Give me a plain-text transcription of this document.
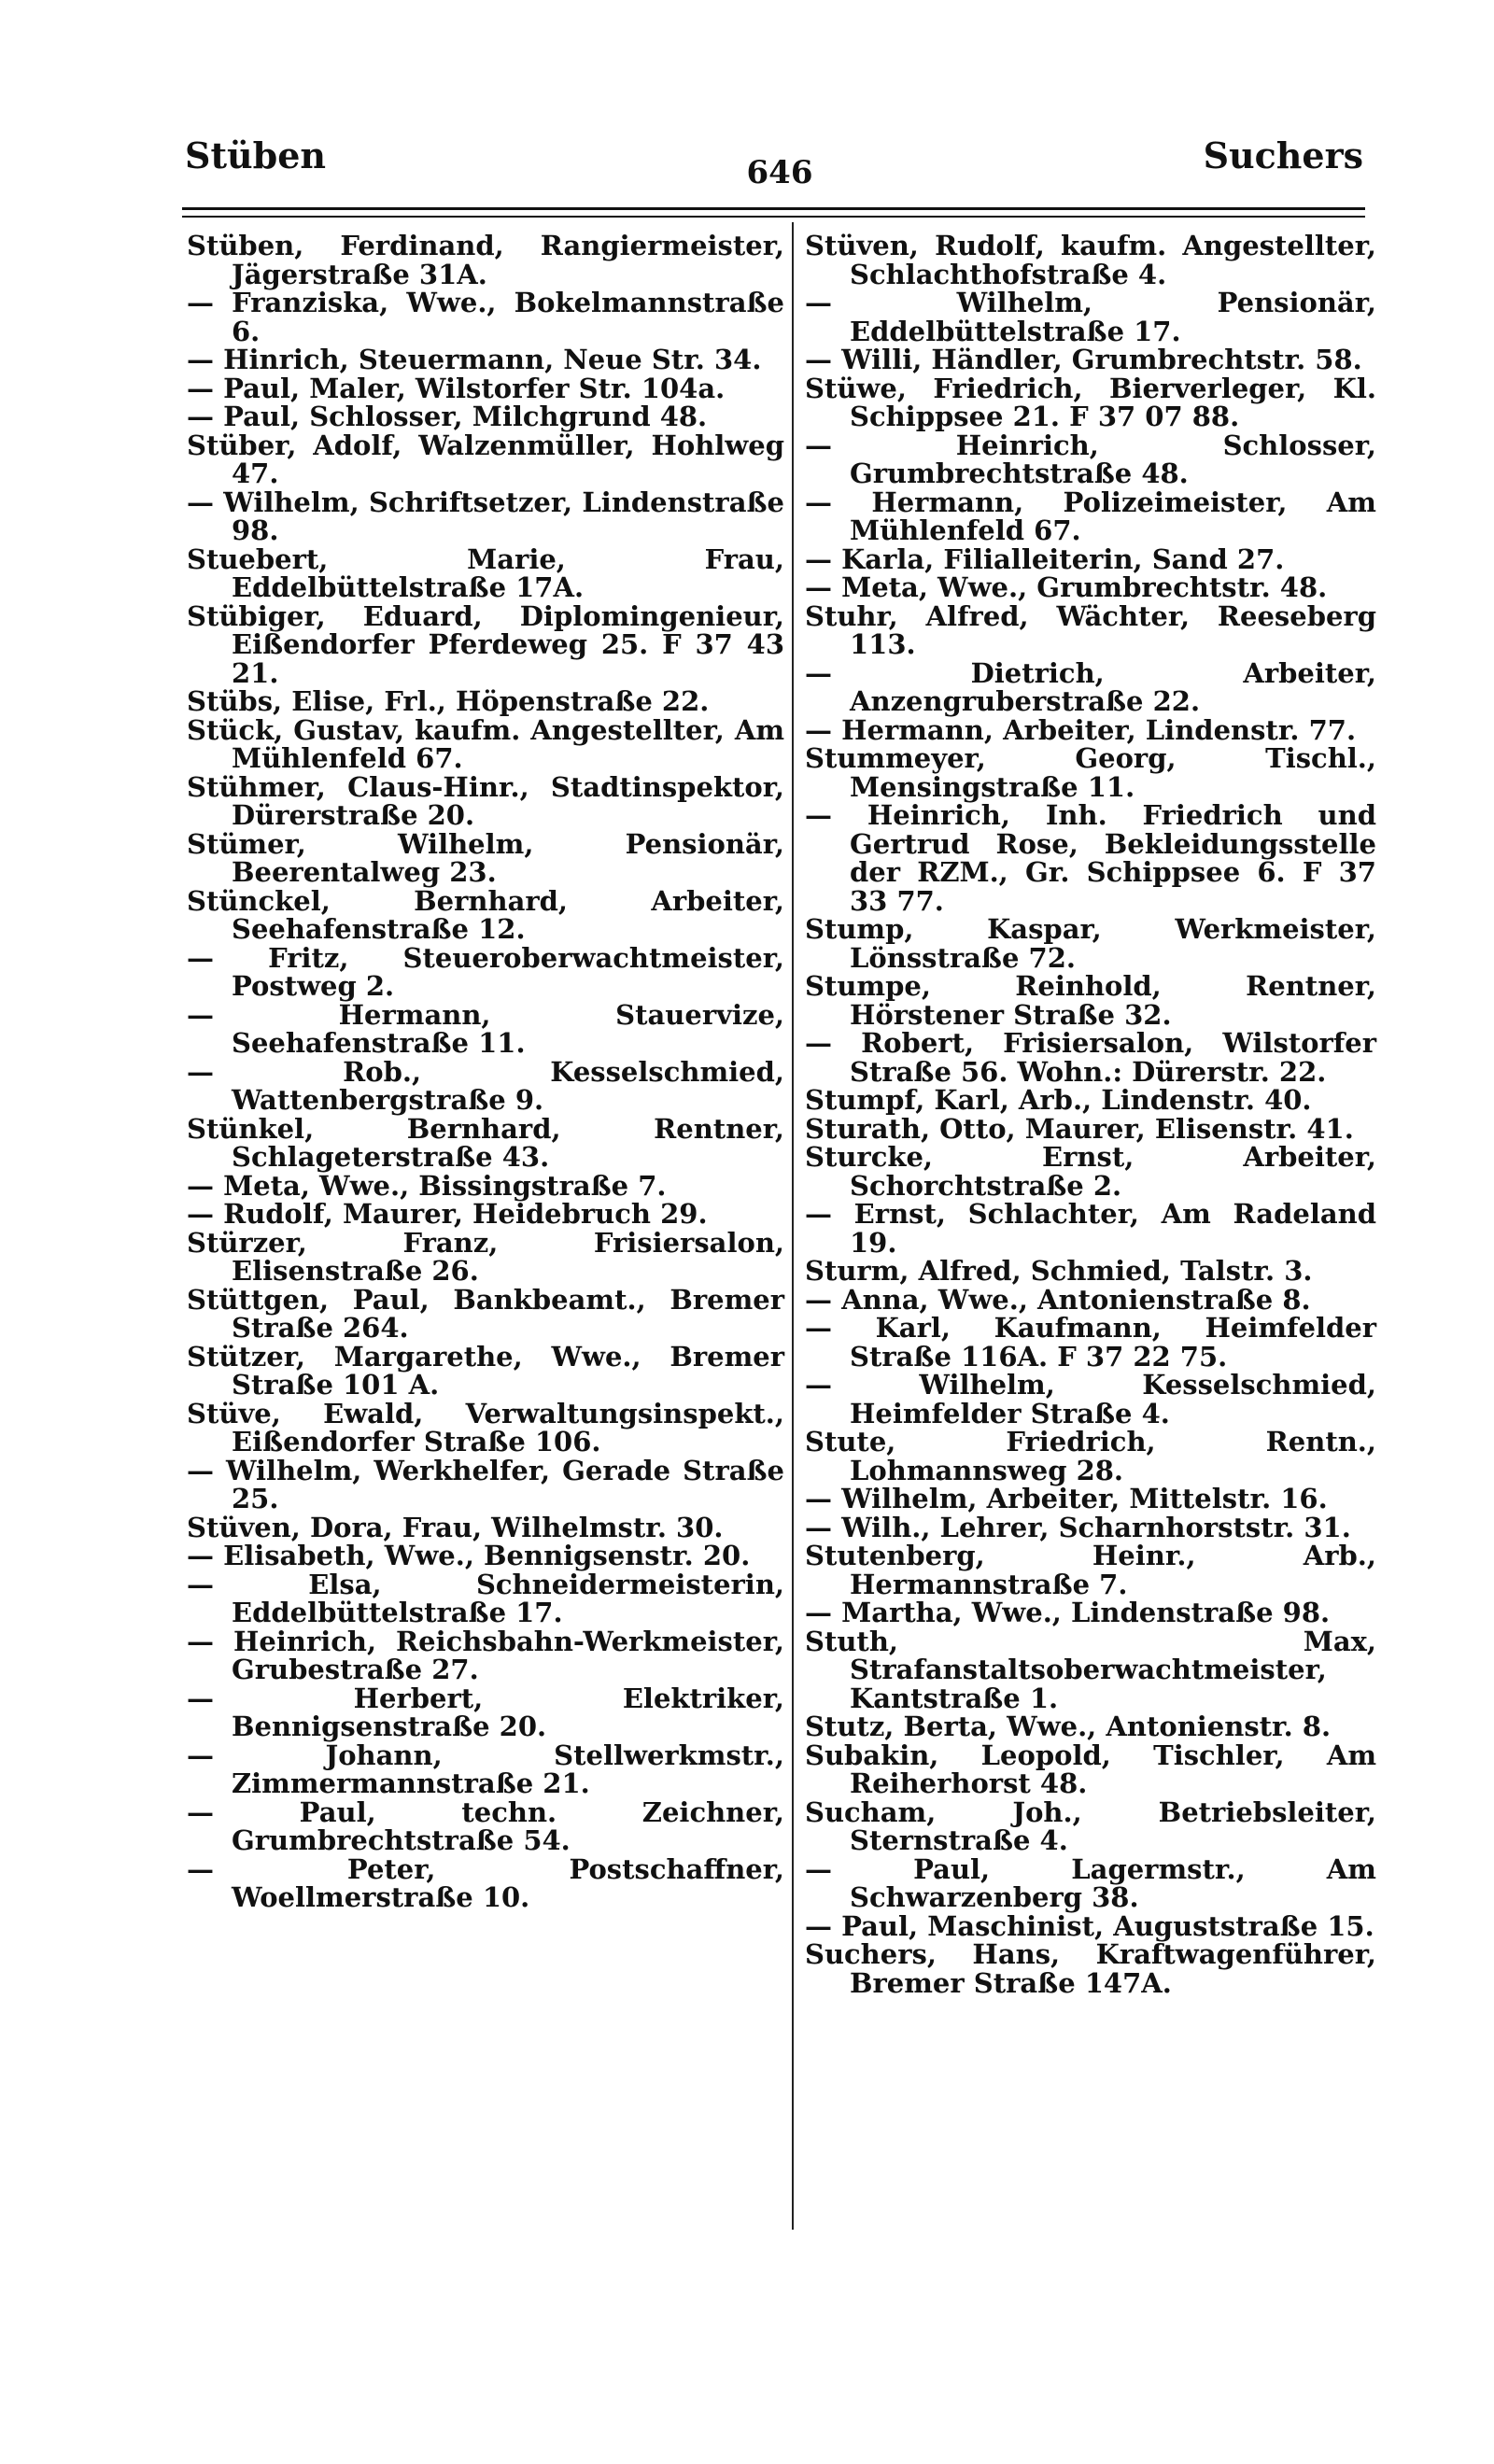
Stüben	646	Suchers

Stüben, Ferdinand, Rangiermeister, Jägerstraße 31A.

— Franziska, Wwe., Bokelmannstraße 6.

— Hinrich, Steuermann, Neue Str. 34.

— Paul, Maler, Wilstorfer Str. 104a.

— Paul, Schlosser, Milchgrund 48.

Stüber, Adolf, Walzenmüller, Hohlweg 47.

— Wilhelm, Schriftsetzer, Lindenstraße 98.

Stuebert, Marie, Frau, Eddelbüttelstraße 17A.

Stübiger, Eduard, Diplomingenieur, Eißendorfer Pferdeweg 25. F 37 43 21.

Stübs, Elise, Frl., Höpenstraße 22.

Stück, Gustav, kaufm. Angestellter, Am Mühlenfeld 67.

Stühmer, Claus-Hinr., Stadtinspektor, Dürerstraße 20.

Stümer, Wilhelm, Pensionär, Beerentalweg 23.

Stünckel, Bernhard, Arbeiter, Seehafenstraße 12.

— Fritz, Steueroberwachtmeister, Postweg 2.

— Hermann, Stauervize, Seehafenstraße 11.

— Rob., Kesselschmied, Wattenbergstraße 9.

Stünkel, Bernhard, Rentner, Schlageterstraße 43.

— Meta, Wwe., Bissingstraße 7.

— Rudolf, Maurer, Heidebruch 29.

Stürzer, Franz, Frisiersalon, Elisenstraße 26.

Stüttgen, Paul, Bankbeamt., Bremer Straße 264.

Stützer, Margarethe, Wwe., Bremer Straße 101 A.

Stüve, Ewald, Verwaltungsinspekt., Eißendorfer Straße 106.

— Wilhelm, Werkhelfer, Gerade Straße 25.

Stüven, Dora, Frau, Wilhelmstr. 30.

— Elisabeth, Wwe., Bennigsenstr. 20.

— Elsa, Schneidermeisterin, Eddelbüttelstraße 17.

— Heinrich, Reichsbahn-Werkmeister, Grubestraße 27.

— Herbert, Elektriker, Bennigsenstraße 20.

— Johann, Stellwerkmstr., Zimmermannstraße 21.

— Paul, techn. Zeichner, Grumbrechtstraße 54.

— Peter, Postschaffner, Woellmerstraße 10.

Stüven, Rudolf, kaufm. Angestellter, Schlachthofstraße 4.

— Wilhelm, Pensionär, Eddelbüttelstraße 17.

— Willi, Händler, Grumbrechtstr. 58.

Stüwe, Friedrich, Bierverleger, Kl. Schippsee 21. F 37 07 88.

— Heinrich, Schlosser, Grumbrechtstraße 48.

— Hermann, Polizeimeister, Am Mühlenfeld 67.

— Karla, Filialleiterin, Sand 27.

— Meta, Wwe., Grumbrechtstr. 48.

Stuhr, Alfred, Wächter, Reeseberg 113.

— Dietrich, Arbeiter, Anzengruberstraße 22.

— Hermann, Arbeiter, Lindenstr. 77.

Stummeyer, Georg, Tischl., Mensingstraße 11.

— Heinrich, Inh. Friedrich und Gertrud Rose, Bekleidungsstelle der RZM., Gr. Schippsee 6. F 37 33 77.

Stump, Kaspar, Werkmeister, Lönsstraße 72.

Stumpe, Reinhold, Rentner, Hörstener Straße 32.

— Robert, Frisiersalon, Wilstorfer Straße 56. Wohn.: Dürerstr. 22.

Stumpf, Karl, Arb., Lindenstr. 40.

Sturath, Otto, Maurer, Elisenstr. 41.

Sturcke, Ernst, Arbeiter, Schorchtstraße 2.

— Ernst, Schlachter, Am Radeland 19.

Sturm, Alfred, Schmied, Talstr. 3.

— Anna, Wwe., Antonienstraße 8.

— Karl, Kaufmann, Heimfelder Straße 116A. F 37 22 75.

— Wilhelm, Kesselschmied, Heimfelder Straße 4.

Stute, Friedrich, Rentn., Lohmannsweg 28.

— Wilhelm, Arbeiter, Mittelstr. 16.

— Wilh., Lehrer, Scharnhorststr. 31.

Stutenberg, Heinr., Arb., Hermannstraße 7.

— Martha, Wwe., Lindenstraße 98.

Stuth, Max, Strafanstaltsoberwachtmeister, Kantstraße 1.

Stutz, Berta, Wwe., Antonienstr. 8.

Subakin, Leopold, Tischler, Am Reiherhorst 48.

Sucham, Joh., Betriebsleiter, Sternstraße 4.

— Paul, Lagermstr., Am Schwarzenberg 38.

— Paul, Maschinist, Auguststraße 15.

Suchers, Hans, Kraftwagenführer, Bremer Straße 147A.
